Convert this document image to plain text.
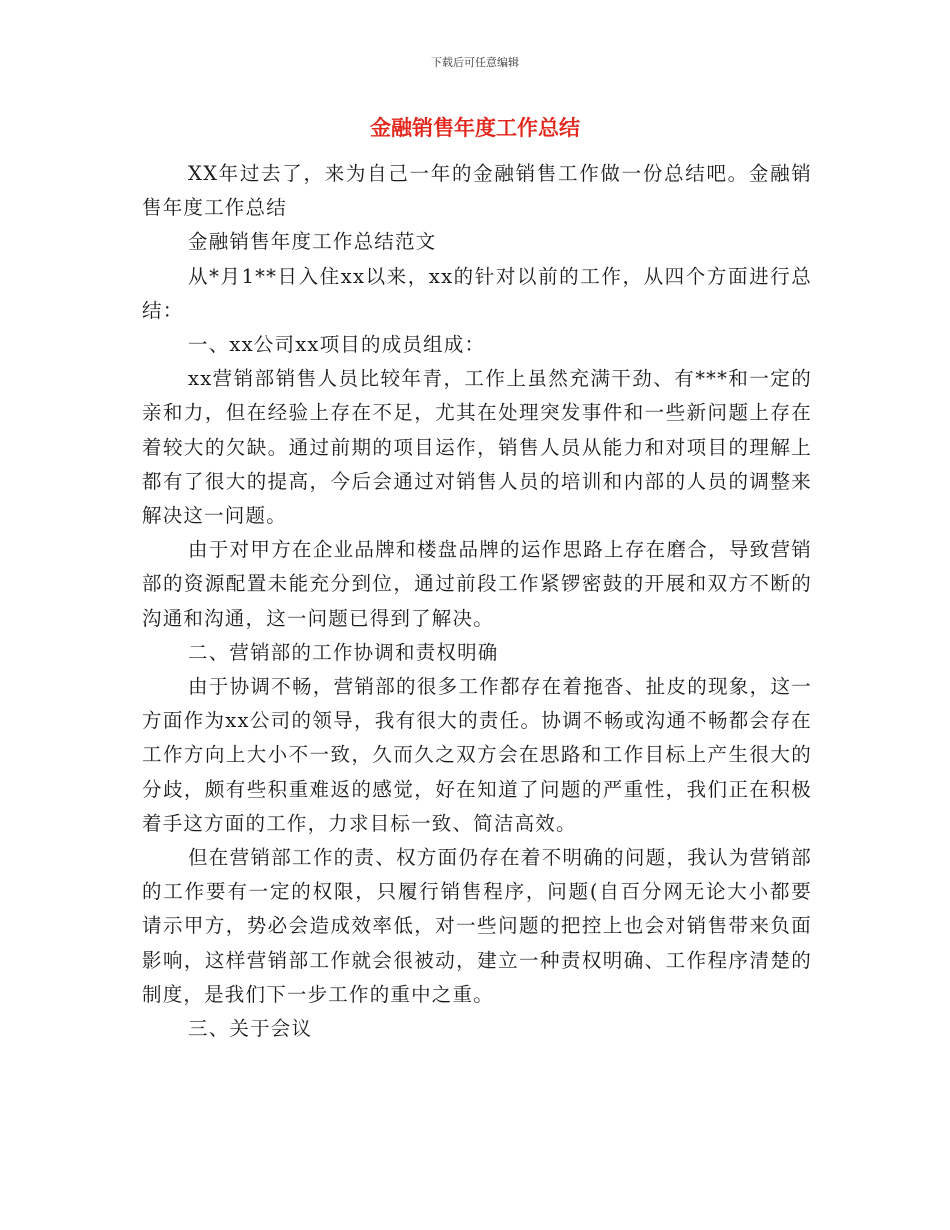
下载后可任意编辑
金融销售年度工作总结

XX年过去了，来为自己一年的金融销售工作做一份总结吧。金融销售年度工作总结

金融销售年度工作总结范文

从*月1**日入住xx以来，xx的针对以前的工作，从四个方面进行总结：

一、xx公司xx项目的成员组成：

xx营销部销售人员比较年青，工作上虽然充满干劲、有***和一定的亲和力，但在经验上存在不足，尤其在处理突发事件和一些新问题上存在着较大的欠缺。通过前期的项目运作，销售人员从能力和对项目的理解上都有了很大的提高，今后会通过对销售人员的培训和内部的人员的调整来解决这一问题。

由于对甲方在企业品牌和楼盘品牌的运作思路上存在磨合，导致营销部的资源配置未能充分到位，通过前段工作紧锣密鼓的开展和双方不断的沟通和沟通，这一问题已得到了解决。

二、营销部的工作协调和责权明确

由于协调不畅，营销部的很多工作都存在着拖沓、扯皮的现象，这一方面作为xx公司的领导，我有很大的责任。协调不畅或沟通不畅都会存在工作方向上大小不一致，久而久之双方会在思路和工作目标上产生很大的分歧，颇有些积重难返的感觉，好在知道了问题的严重性，我们正在积极着手这方面的工作，力求目标一致、简洁高效。

但在营销部工作的责、权方面仍存在着不明确的问题，我认为营销部的工作要有一定的权限，只履行销售程序，问题(自百分网无论大小都要请示甲方，势必会造成效率低，对一些问题的把控上也会对销售带来负面影响，这样营销部工作就会很被动，建立一种责权明确、工作程序清楚的制度，是我们下一步工作的重中之重。

三、关于会议
